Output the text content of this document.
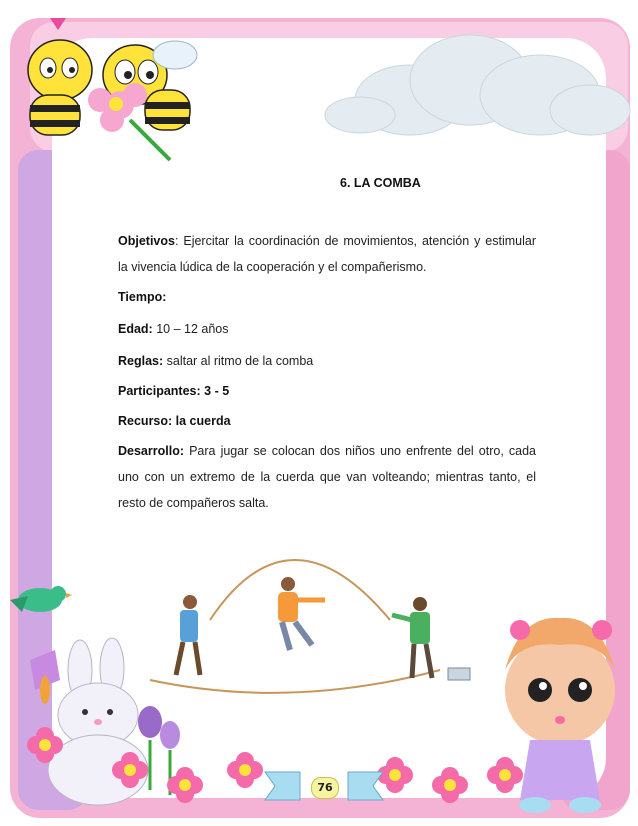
6. LA COMBA
Objetivos: Ejercitar la coordinación de movimientos, atención y estimular la vivencia lúdica de la cooperación y el compañerismo.
Tiempo:
Edad: 10 – 12 años
Reglas: saltar al ritmo de la comba
Participantes: 3 - 5
Recurso: la cuerda
Desarrollo: Para jugar se colocan dos niños uno enfrente del otro, cada uno con un extremo de la cuerda que van volteando; mientras tanto, el resto de compañeros salta.
76
